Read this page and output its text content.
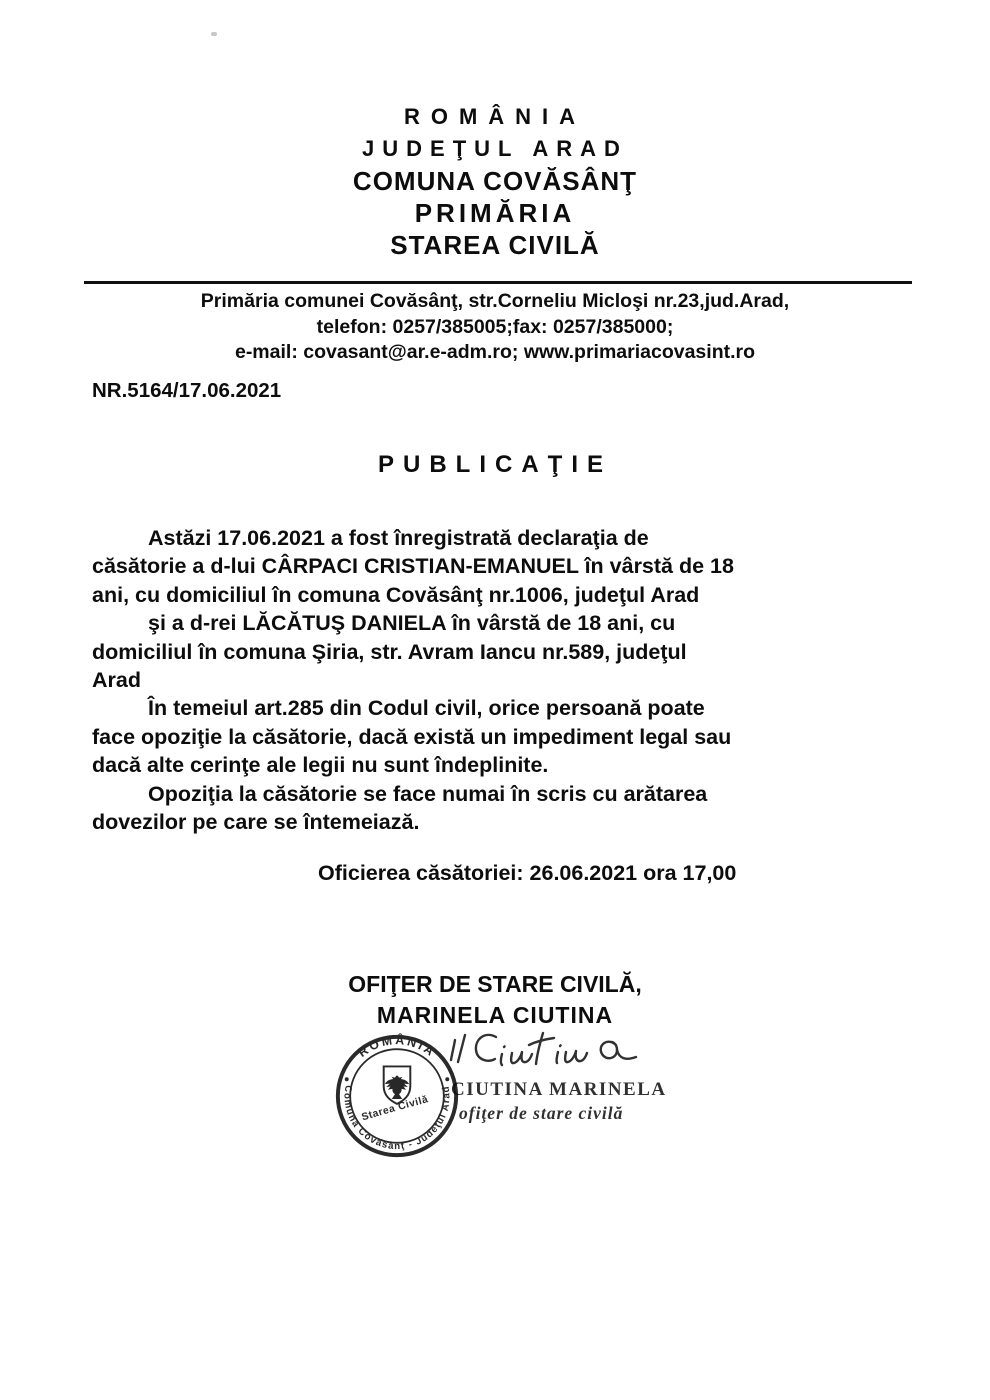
ROMÂNIA
JUDEŢUL ARAD
COMUNA COVĂSÂNŢ
PRIMĂRIA
STAREA CIVILĂ
Primăria comunei Covăsânţ, str.Corneliu Micloşi nr.23,jud.Arad,
telefon: 0257/385005;fax: 0257/385000;
e-mail: covasant@ar.e-adm.ro; www.primariacovasint.ro
NR.5164/17.06.2021
PUBLICAŢIE
Astăzi 17.06.2021 a fost înregistrată declaraţia de
căsătorie a d-lui CÂRPACI CRISTIAN-EMANUEL în vârstă de 18
ani, cu domiciliul în comuna Covăsânţ nr.1006, judeţul Arad
şi a d-rei LĂCĂTUŞ DANIELA în vârstă de 18 ani, cu
domiciliul în comuna Şiria, str. Avram Iancu nr.589, judeţul
Arad
În temeiul art.285 din Codul civil, orice persoană poate
face opoziţie la căsătorie, dacă există un impediment legal sau
dacă alte cerinţe ale legii nu sunt îndeplinite.
Opoziţia la căsătorie se face numai în scris cu arătarea
dovezilor pe care se întemeiază.
Oficierea căsătoriei: 26.06.2021 ora 17,00
OFIŢER DE STARE CIVILĂ,
MARINELA CIUTINA
ROMÂNIA
Comuna Covăsânţ - Judeţul Arad
Starea Civilă
CIUTINA MARINELA
ofiţer de stare civilă
